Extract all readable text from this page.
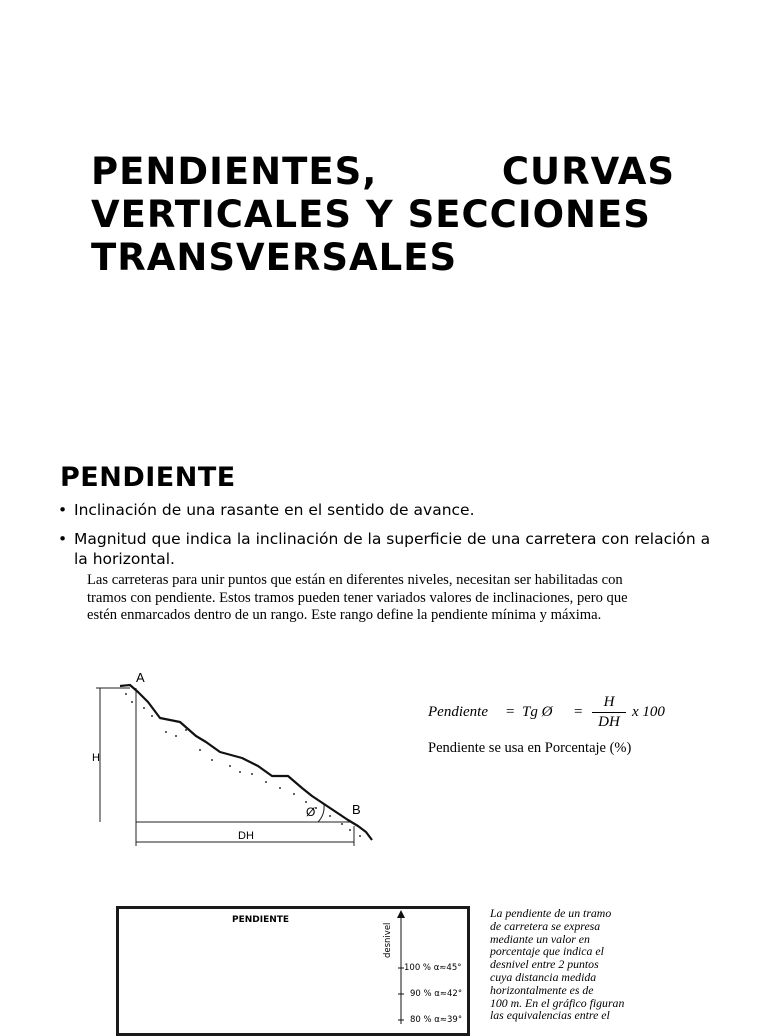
PENDIENTES, CURVAS
VERTICALES Y SECCIONES
TRANSVERSALES
PENDIENTE
• Inclinación de una rasante en el sentido de avance.
• Magnitud que indica la inclinación de la superficie de una carretera con relación a la horizontal.
Las carreteras para unir puntos que están en diferentes niveles, necesitan ser habilitadas con
tramos con pendiente. Estos tramos pueden tener variados valores de inclinaciones, pero que
estén enmarcados dentro de un rango. Este rango define la pendiente mínima y máxima.
A
B
H
DH
Ø
Pendiente = Tg Ø =
H
DH
x 100
Pendiente se usa en Porcentaje (%)
PENDIENTE
desnivel
100 % α≈45°
90 % α≈42°
80 % α≈39°
La pendiente de un tramo
de carretera se expresa
mediante un valor en
porcentaje que indica el
desnivel entre 2 puntos
cuya distancia medida
horizontalmente es de
100 m. En el gráfico figuran
las equivalencias entre el
